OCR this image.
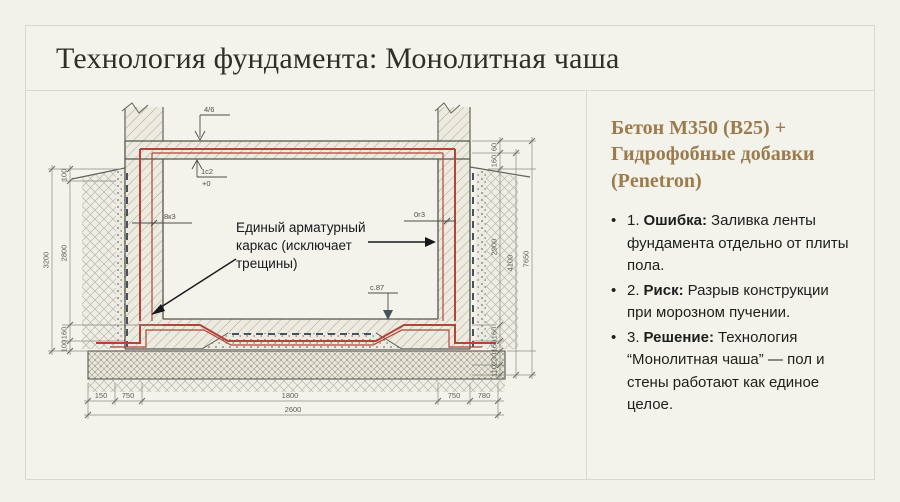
Технология фундамента: Монолитная чаша
100
2800
160
100
3200
60
160
2900
160
160
230
110
4100 7650
150 750	1800	750 780
2600
4/6
1с2
+0
8к3	0г3
с.87
Единый арматурный каркас (исключает трещины)
Бетон М350 (В25) + Гидрофобные добавки (Penetron)
• 1. Ошибка: Заливка ленты фундамента отдельно от плиты пола.
• 2. Риск: Разрыв конструкции при морозном пучении.
• 3. Решение: Технология “Монолитная чаша” — пол и стены работают как единое целое.
